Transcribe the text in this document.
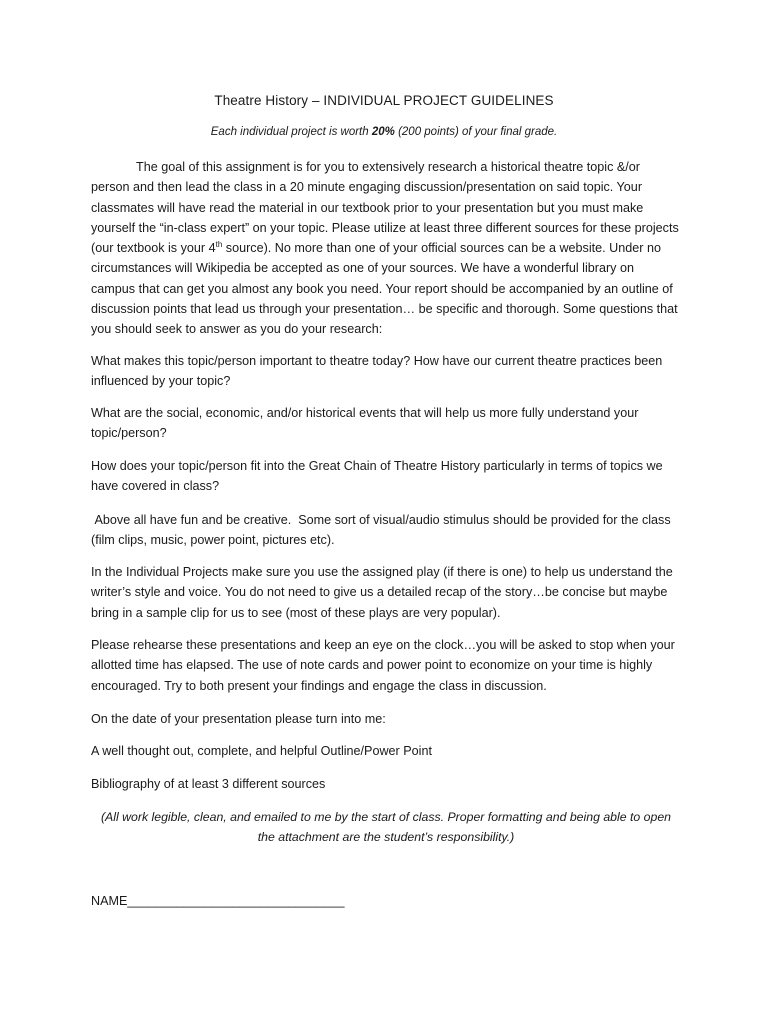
Theatre History – INDIVIDUAL PROJECT GUIDELINES
Each individual project is worth 20% (200 points) of your final grade.
The goal of this assignment is for you to extensively research a historical theatre topic &/or person and then lead the class in a 20 minute engaging discussion/presentation on said topic. Your classmates will have read the material in our textbook prior to your presentation but you must make yourself the “in-class expert” on your topic. Please utilize at least three different sources for these projects (our textbook is your 4th source). No more than one of your official sources can be a website. Under no circumstances will Wikipedia be accepted as one of your sources. We have a wonderful library on campus that can get you almost any book you need. Your report should be accompanied by an outline of discussion points that lead us through your presentation… be specific and thorough. Some questions that you should seek to answer as you do your research:
What makes this topic/person important to theatre today? How have our current theatre practices been influenced by your topic?
What are the social, economic, and/or historical events that will help us more fully understand your topic/person?
How does your topic/person fit into the Great Chain of Theatre History particularly in terms of topics we have covered in class?
Above all have fun and be creative.  Some sort of visual/audio stimulus should be provided for the class (film clips, music, power point, pictures etc).
In the Individual Projects make sure you use the assigned play (if there is one) to help us understand the writer’s style and voice. You do not need to give us a detailed recap of the story…be concise but maybe bring in a sample clip for us to see (most of these plays are very popular).
Please rehearse these presentations and keep an eye on the clock…you will be asked to stop when your allotted time has elapsed. The use of note cards and power point to economize on your time is highly encouraged. Try to both present your findings and engage the class in discussion.
On the date of your presentation please turn into me:
A well thought out, complete, and helpful Outline/Power Point
Bibliography of at least 3 different sources
(All work legible, clean, and emailed to me by the start of class. Proper formatting and being able to open the attachment are the student’s responsibility.)
NAME_______________________________
